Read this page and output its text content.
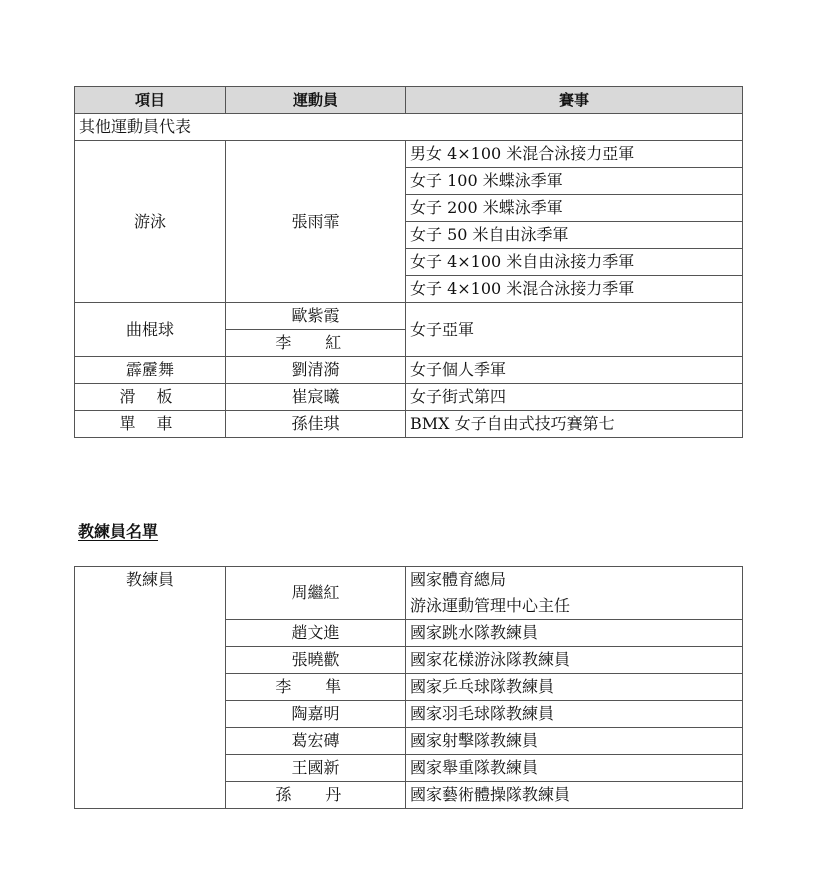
項目	運動員	賽事
其他運動員代表		
游泳	張雨霏	男女 4×100 米混合泳接力亞軍
		女子 100 米蝶泳季軍
		女子 200 米蝶泳季軍
		女子 50 米自由泳季軍
		女子 4×100 米自由泳接力季軍
		女子 4×100 米混合泳接力季軍
曲棍球	歐紫霞	女子亞軍
	李 紅	
霹靂舞	劉清漪	女子個人季軍
滑 板	崔宸曦	女子街式第四
單 車	孫佳琪	BMX 女子自由式技巧賽第七
教練員名單
教練員	周繼紅	國家體育總局
游泳運動管理中心主任

	趙文進	國家跳水隊教練員
	張曉歡	國家花樣游泳隊教練員
	李 隼	國家乒乓球隊教練員
	陶嘉明	國家羽毛球隊教練員
	葛宏磚	國家射擊隊教練員
	王國新	國家舉重隊教練員
	孫 丹	國家藝術體操隊教練員
